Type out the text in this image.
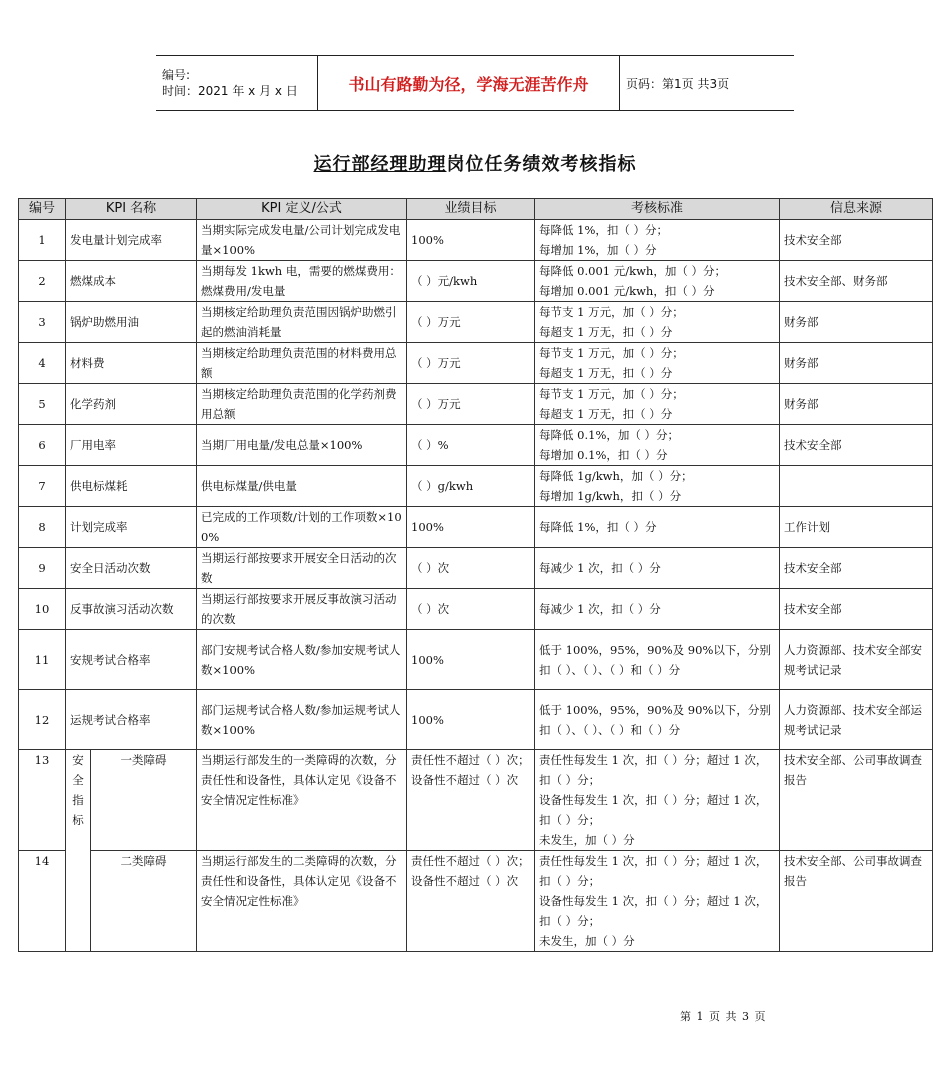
编号:
时间：2021 年 x 月 x 日	书山有路勤为径，学海无涯苦作舟	页码：第1页 共3页
运行部经理助理岗位任务绩效考核指标
编号	KPI 名称		KPI 定义/公式	业绩目标	考核标准	信息来源
1	发电量计划完成率		当期实际完成发电量/公司计划完成发电量×100%	100%	每降低 1%，扣（ ）分；
每增加 1%，加（ ）分	技术安全部
2	燃煤成本		当期每发 1kwh 电，需要的燃煤费用：燃煤费用/发电量	（ ）元/kwh	每降低 0.001 元/kwh，加（ ）分；
每增加 0.001 元/kwh，扣（ ）分	技术安全部、财务部
3	锅炉助燃用油		当期核定给助理负责范围因锅炉助燃引起的燃油消耗量	（ ）万元	每节支 1 万元，加（ ）分；
每超支 1 万无，扣（ ）分	财务部
4	材料费		当期核定给助理负责范围的材料费用总额	（ ）万元	每节支 1 万元，加（ ）分；
每超支 1 万无，扣（ ）分	财务部
5	化学药剂		当期核定给助理负责范围的化学药剂费用总额	（ ）万元	每节支 1 万元，加（ ）分；
每超支 1 万无，扣（ ）分	财务部
6	厂用电率		当期厂用电量/发电总量×100%	（ ）%	每降低 0.1%，加（ ）分；
每增加 0.1%，扣（ ）分	技术安全部
7	供电标煤耗		供电标煤量/供电量	（ ）g/kwh	每降低 1g/kwh，加（ ）分；
每增加 1g/kwh，扣（ ）分	
8	计划完成率		已完成的工作项数/计划的工作项数×100%	100%	每降低 1%，扣（ ）分	工作计划
9	安全日活动次数		当期运行部按要求开展安全日活动的次数	（ ）次	每减少 1 次，扣（ ）分	技术安全部
10	反事故演习活动次数		当期运行部按要求开展反事故演习活动的次数	（ ）次	每减少 1 次，扣（ ）分	技术安全部
11	安规考试合格率		部门安规考试合格人数/参加安规考试人数×100%	100%	低于 100%，95%，90%及 90%以下，分别扣（ ）、（ ）、（ ）和（ ）分	人力资源部、技术安全部安规考试记录
12	运规考试合格率		部门运规考试合格人数/参加运规考试人数×100%	100%	低于 100%，95%，90%及 90%以下，分别扣（ ）、（ ）、（ ）和（ ）分	人力资源部、技术安全部运规考试记录
13	安全指标	一类障碍	当期运行部发生的一类障碍的次数，分责任性和设备性，具体认定见《设备不安全情况定性标准》	责任性不超过（ ）次；
设备性不超过（ ）次	责任性每发生 1 次，扣（ ）分；超过 1 次，扣（ ）分；
设备性每发生 1 次，扣（ ）分；超过 1 次，扣（ ）分；
未发生，加（ ）分	技术安全部、公司事故调查报告
14		二类障碍	当期运行部发生的二类障碍的次数，分责任性和设备性，具体认定见《设备不安全情况定性标准》	责任性不超过（ ）次；
设备性不超过（ ）次	责任性每发生 1 次，扣（ ）分；超过 1 次，扣（ ）分；
设备性每发生 1 次，扣（ ）分；超过 1 次，扣（ ）分；
未发生，加（ ）分	技术安全部、公司事故调查报告
第 1 页 共 3 页
